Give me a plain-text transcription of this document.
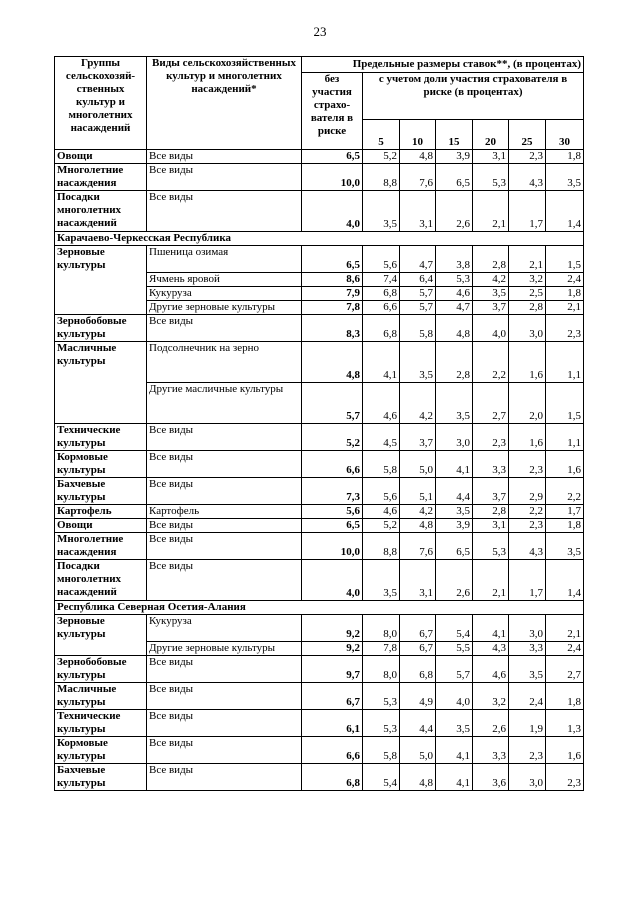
23
Группы сельскохозяй-ственных культур и многолетних насаждений	Виды сельскохозяйственных культур и многолетних насаждений*	Предельные размеры ставок**, (в процентах)						
		без участия страхо-вателя в риске	с учетом доли участия страхователя в риске (в процентах)					
			5	10	15	20	25	30
Овощи	Все виды	6,5	5,2	4,8	3,9	3,1	2,3	1,8
Многолетние насаждения	Все виды	10,0	8,8	7,6	6,5	5,3	4,3	3,5
Посадки многолетних насаждений	Все виды	4,0	3,5	3,1	2,6	2,1	1,7	1,4
Карачаево-Черкесская Республика								
Зерновые культуры	Пшеница озимая	6,5	5,6	4,7	3,8	2,8	2,1	1,5
	Ячмень яровой	8,6	7,4	6,4	5,3	4,2	3,2	2,4
	Кукуруза	7,9	6,8	5,7	4,6	3,5	2,5	1,8
	Другие зерновые культуры	7,8	6,6	5,7	4,7	3,7	2,8	2,1
Зернобобовые культуры	Все виды	8,3	6,8	5,8	4,8	4,0	3,0	2,3
Масличные культуры	Подсолнечник на зерно	4,8	4,1	3,5	2,8	2,2	1,6	1,1
	Другие масличные культуры	5,7	4,6	4,2	3,5	2,7	2,0	1,5
Технические культуры	Все виды	5,2	4,5	3,7	3,0	2,3	1,6	1,1
Кормовые культуры	Все виды	6,6	5,8	5,0	4,1	3,3	2,3	1,6
Бахчевые культуры	Все виды	7,3	5,6	5,1	4,4	3,7	2,9	2,2
Картофель	Картофель	5,6	4,6	4,2	3,5	2,8	2,2	1,7
Овощи	Все виды	6,5	5,2	4,8	3,9	3,1	2,3	1,8
Многолетние насаждения	Все виды	10,0	8,8	7,6	6,5	5,3	4,3	3,5
Посадки многолетних насаждений	Все виды	4,0	3,5	3,1	2,6	2,1	1,7	1,4
Республика Северная Осетия-Алания								
Зерновые культуры	Кукуруза	9,2	8,0	6,7	5,4	4,1	3,0	2,1
	Другие зерновые культуры	9,2	7,8	6,7	5,5	4,3	3,3	2,4
Зернобобовые культуры	Все виды	9,7	8,0	6,8	5,7	4,6	3,5	2,7
Масличные культуры	Все виды	6,7	5,3	4,9	4,0	3,2	2,4	1,8
Технические культуры	Все виды	6,1	5,3	4,4	3,5	2,6	1,9	1,3
Кормовые культуры	Все виды	6,6	5,8	5,0	4,1	3,3	2,3	1,6
Бахчевые культуры	Все виды	6,8	5,4	4,8	4,1	3,6	3,0	2,3
